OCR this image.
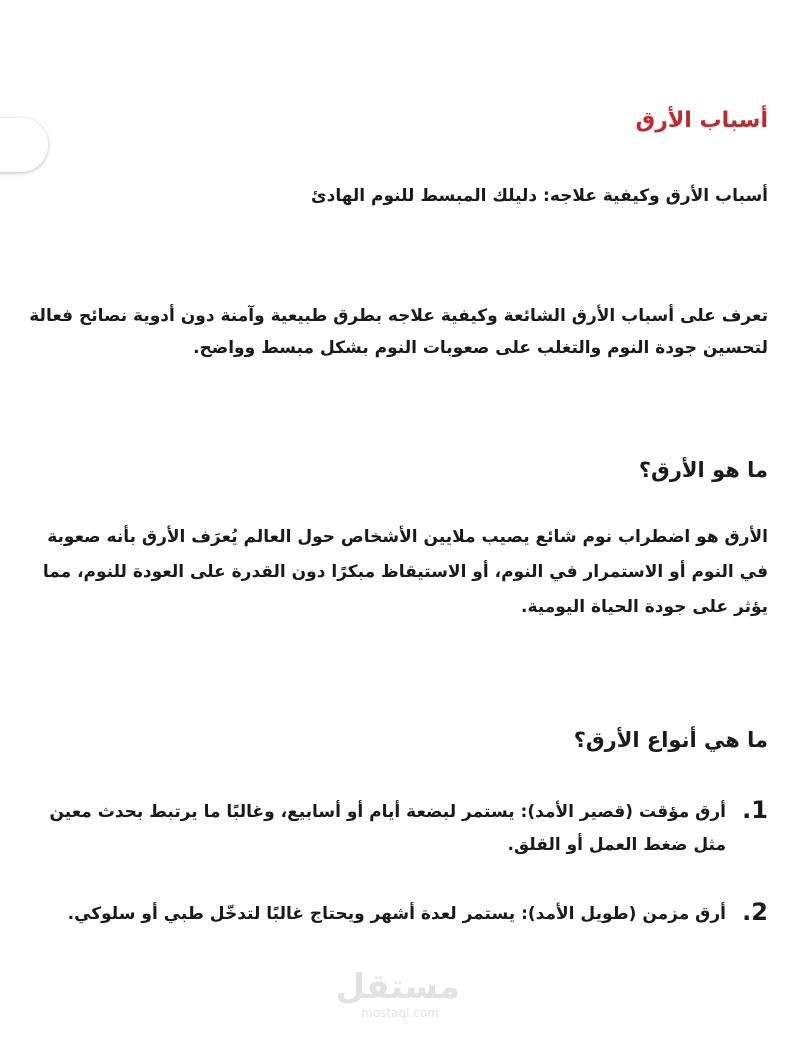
أسباب الأرق

أسباب الأرق وكيفية علاجه: دليلك المبسط للنوم الهادئ

تعرف على أسباب الأرق الشائعة وكيفية علاجه بطرق طبيعية وآمنة دون أدوية نصائح فعالة لتحسين جودة النوم والتغلب على صعوبات النوم بشكل مبسط وواضح.

ما هو الأرق؟

الأرق هو اضطراب نوم شائع يصيب ملايين الأشخاص حول العالم يُعرَف الأرق بأنه صعوبة في النوم أو الاستمرار في النوم، أو الاستيقاظ مبكرًا دون القدرة على العودة للنوم، مما يؤثر على جودة الحياة اليومية.

ما هي أنواع الأرق؟
1.
أرق مؤقت (قصير الأمد): يستمر لبضعة أيام أو أسابيع، وغالبًا ما يرتبط بحدث معين مثل ضغط العمل أو القلق.
2.
أرق مزمن (طويل الأمد): يستمر لعدة أشهر ويحتاج غالبًا لتدخّل طبي أو سلوكي.
مستقل
mostaql.com
